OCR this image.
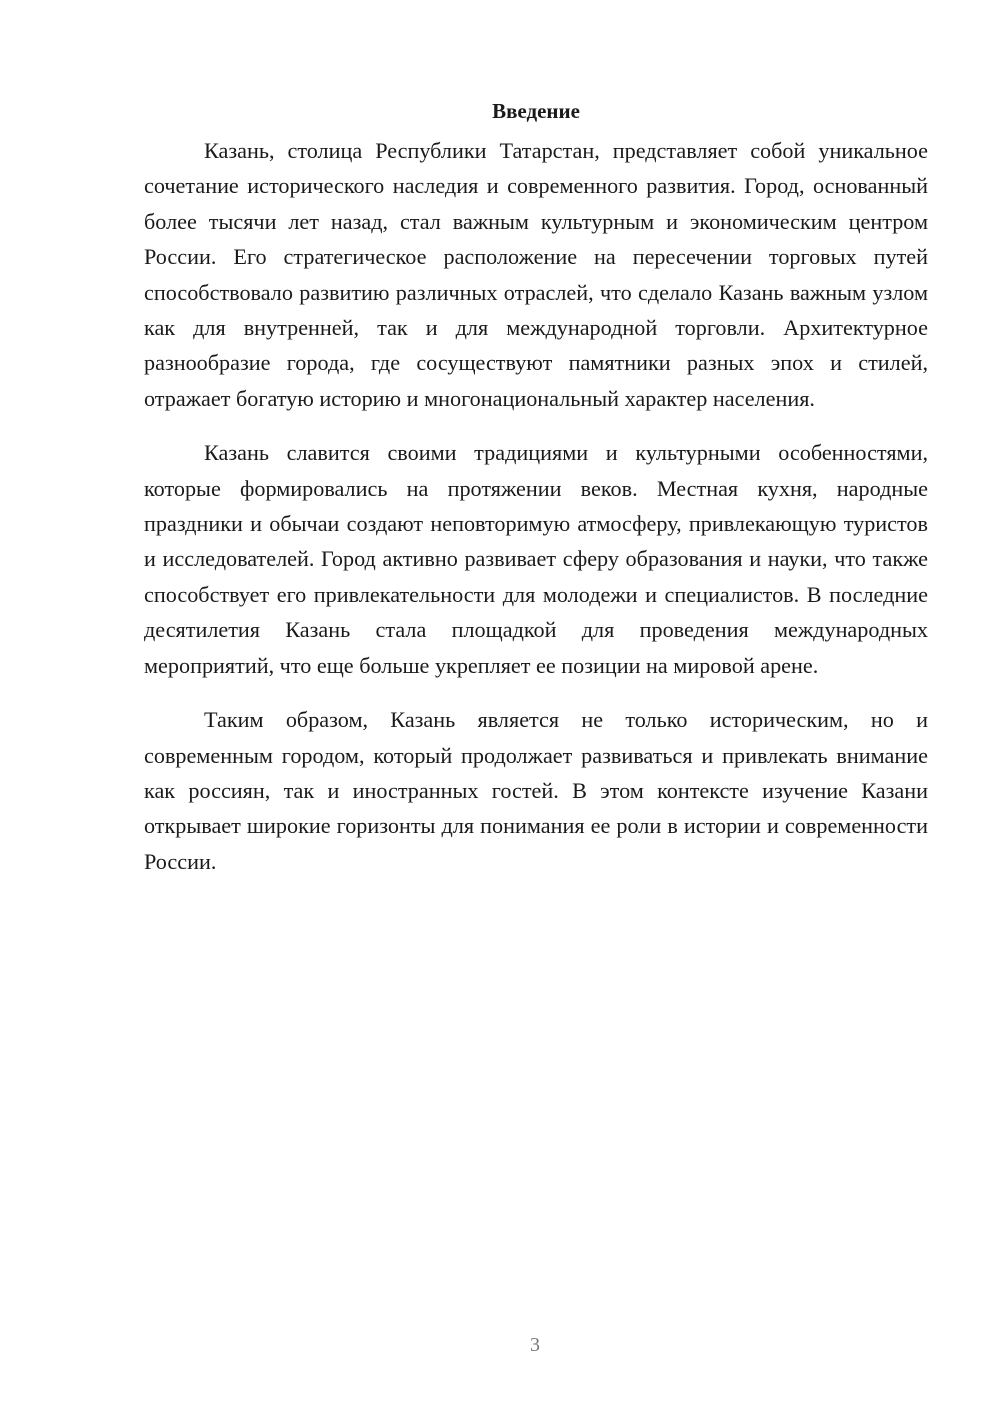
Введение

Казань, столица Республики Татарстан, представляет собой уникальное сочетание исторического наследия и современного развития. Город, основанный более тысячи лет назад, стал важным культурным и экономическим центром России. Его стратегическое расположение на пересечении торговых путей способствовало развитию различных отраслей, что сделало Казань важным узлом как для внутренней, так и для международной торговли. Архитектурное разнообразие города, где сосуществуют памятники разных эпох и стилей, отражает богатую историю и многонациональный характер населения.

Казань славится своими традициями и культурными особенностями, которые формировались на протяжении веков. Местная кухня, народные праздники и обычаи создают неповторимую атмосферу, привлекающую туристов и исследователей. Город активно развивает сферу образования и науки, что также способствует его привлекательности для молодежи и специалистов. В последние десятилетия Казань стала площадкой для проведения международных мероприятий, что еще больше укрепляет ее позиции на мировой арене.

Таким образом, Казань является не только историческим, но и современным городом, который продолжает развиваться и привлекать внимание как россиян, так и иностранных гостей. В этом контексте изучение Казани открывает широкие горизонты для понимания ее роли в истории и современности России.

3
